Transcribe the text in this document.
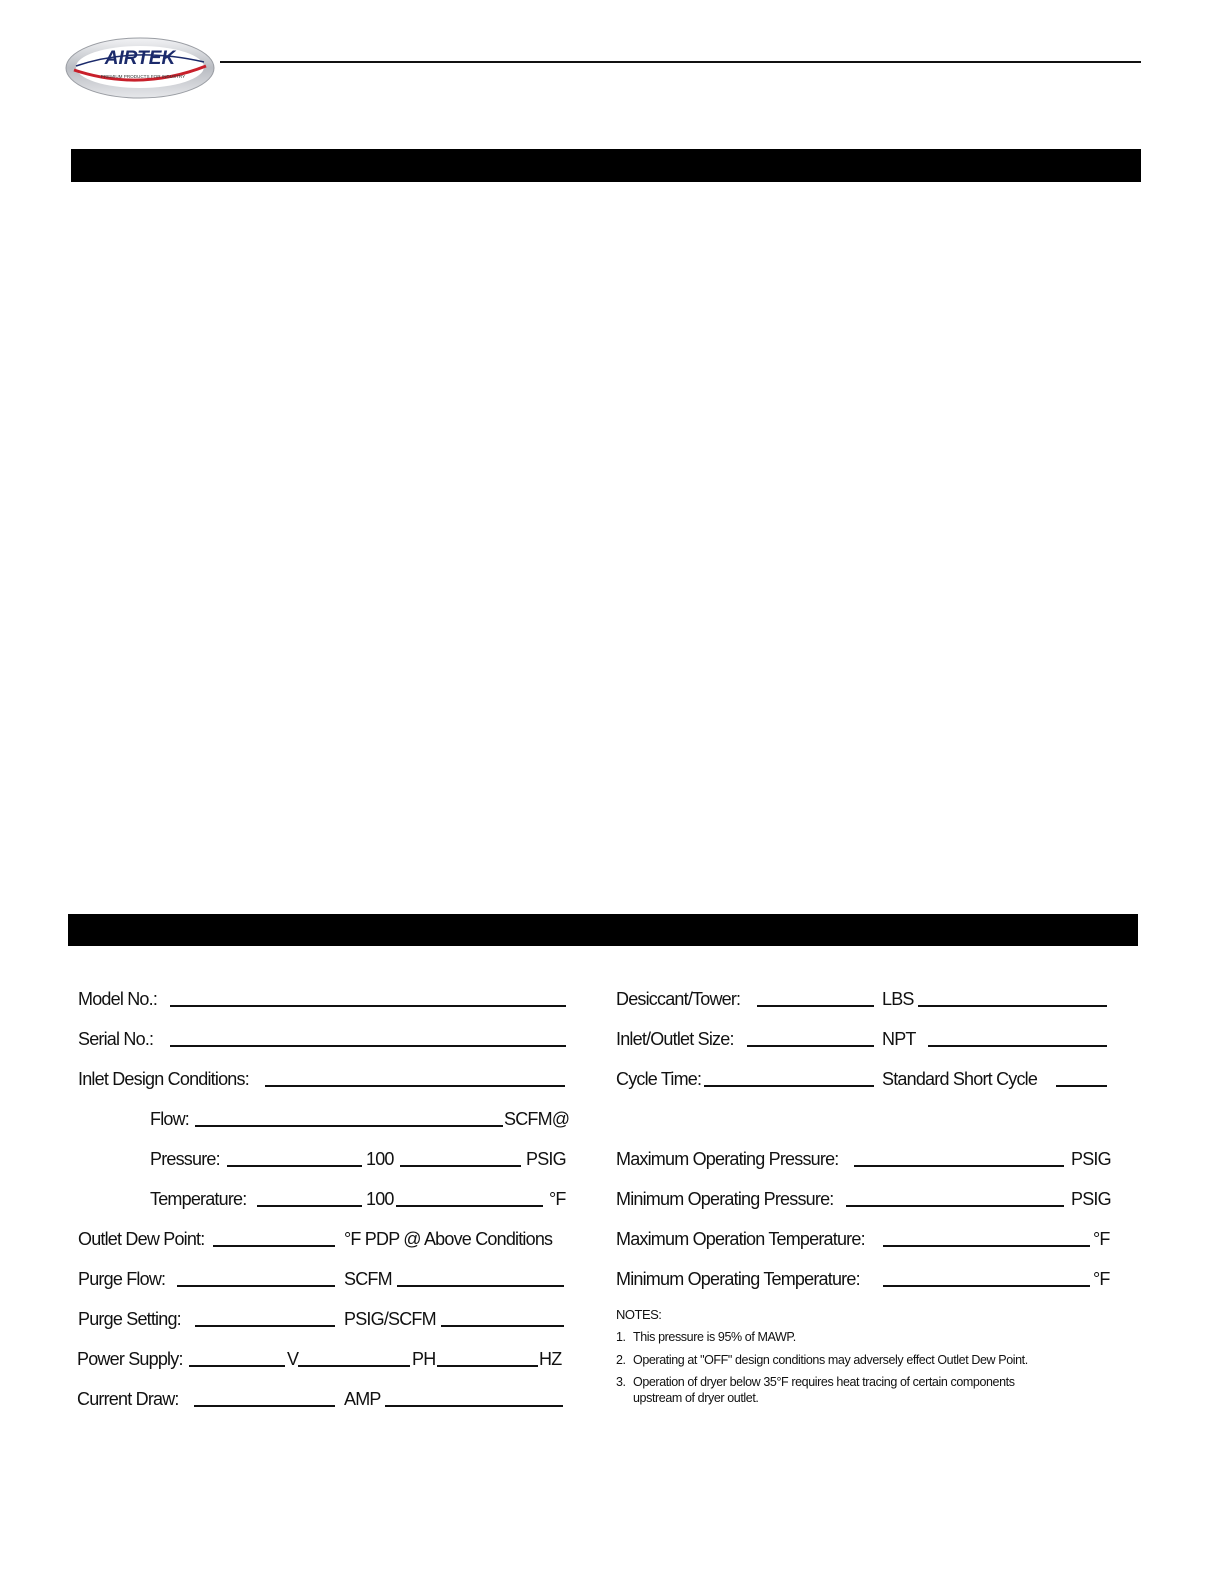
AIRTEK
PREMIUM PRODUCTS FOR INDUSTRY
Model No.:
Serial No.:
Inlet Design Conditions:
Flow:	SCFM@
Pressure:	100	PSIG
Temperature:	100	°F
Outlet Dew Point:	°F PDP @ Above Conditions
Purge Flow:	SCFM
Purge Setting:	PSIG/SCFM
Power Supply:	V	PH	HZ
Current Draw:	AMP
Desiccant/Tower:	LBS
Inlet/Outlet Size:	NPT
Cycle Time:	Standard Short Cycle
Maximum Operating Pressure:	PSIG
Minimum Operating Pressure:	PSIG
Maximum Operation Temperature:	°F
Minimum Operating Temperature:	°F
NOTES:
1. This pressure is 95% of MAWP.
2. Operating at "OFF" design conditions may adversely effect Outlet Dew Point.
3. Operation of dryer below 35°F requires heat tracing of certain components
upstream of dryer outlet.
